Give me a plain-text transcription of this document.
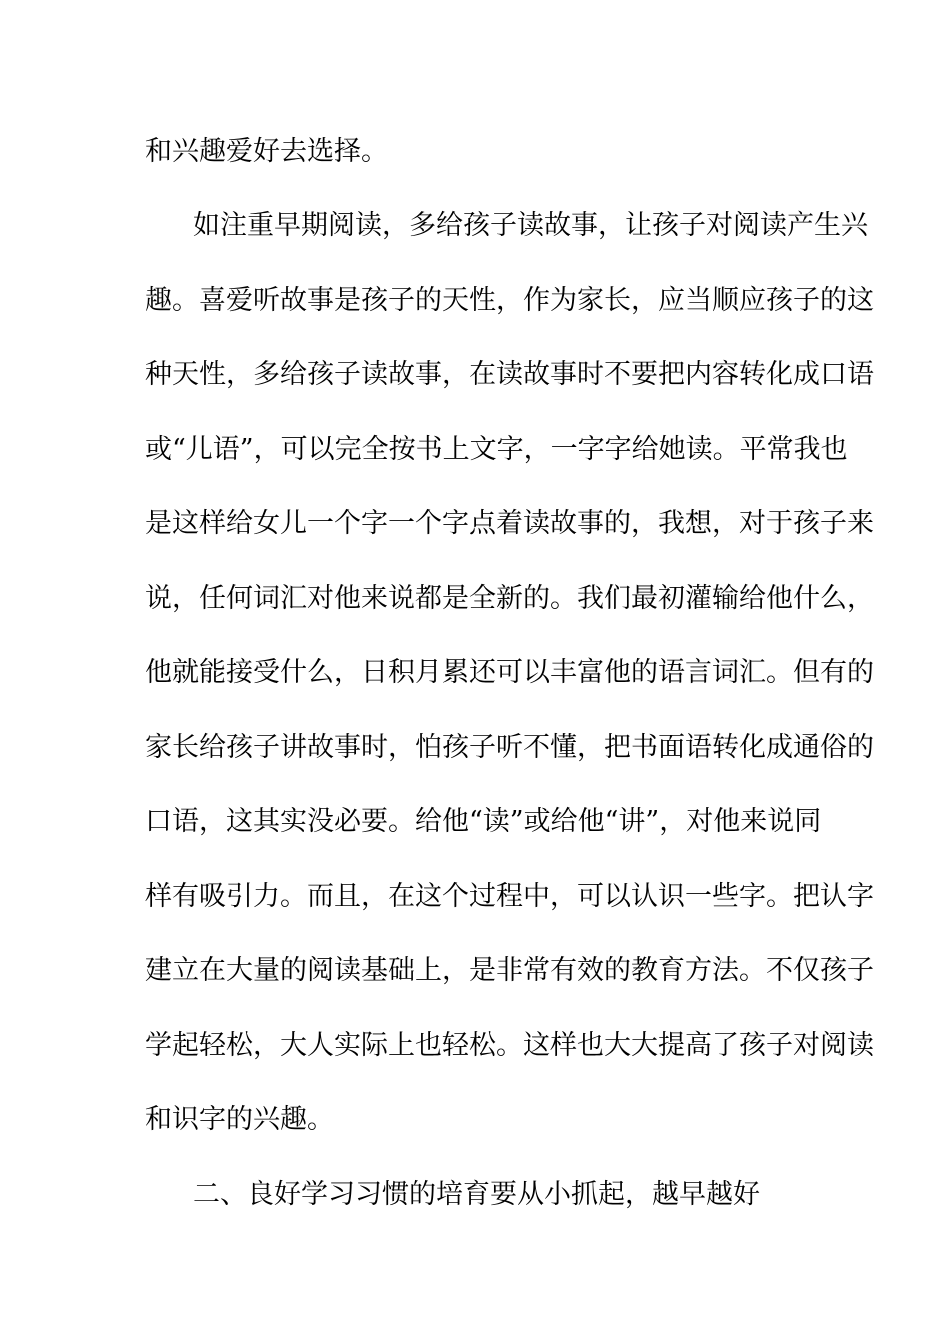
和兴趣爱好去选择。
如注重早期阅读，多给孩子读故事，让孩子对阅读产生兴
趣。喜爱听故事是孩子的天性，作为家长，应当顺应孩子的这
种天性，多给孩子读故事，在读故事时不要把内容转化成口语
或“儿语”，可以完全按书上文字，一字字给她读。平常我也
是这样给女儿一个字一个字点着读故事的，我想，对于孩子来
说，任何词汇对他来说都是全新的。我们最初灌输给他什么，
他就能接受什么，日积月累还可以丰富他的语言词汇。但有的
家长给孩子讲故事时，怕孩子听不懂，把书面语转化成通俗的
口语，这其实没必要。给他“读”或给他“讲”，对他来说同
样有吸引力。而且，在这个过程中，可以认识一些字。把认字
建立在大量的阅读基础上，是非常有效的教育方法。不仅孩子
学起轻松，大人实际上也轻松。这样也大大提高了孩子对阅读
和识字的兴趣。
二、良好学习习惯的培育要从小抓起，越早越好
